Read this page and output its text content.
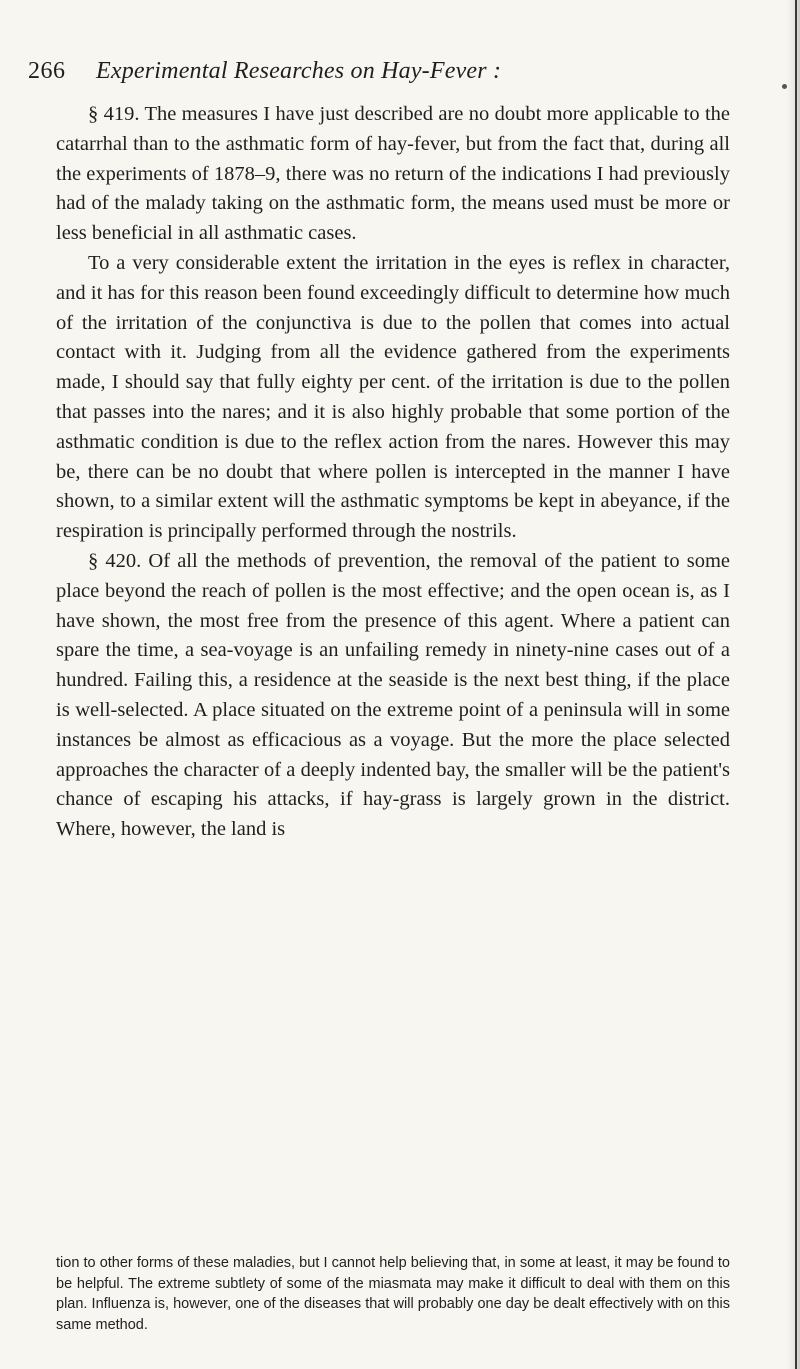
266 Experimental Researches on Hay-Fever :

§ 419. The measures I have just described are no doubt more applicable to the catarrhal than to the asthmatic form of hay-fever, but from the fact that, during all the experiments of 1878–9, there was no return of the indications I had previously had of the malady taking on the asthmatic form, the means used must be more or less beneficial in all asthmatic cases.

To a very considerable extent the irritation in the eyes is reflex in character, and it has for this reason been found exceedingly difficult to determine how much of the irritation of the conjunctiva is due to the pollen that comes into actual contact with it. Judging from all the evidence gathered from the experiments made, I should say that fully eighty per cent. of the irritation is due to the pollen that passes into the nares; and it is also highly probable that some portion of the asthmatic condition is due to the reflex action from the nares. However this may be, there can be no doubt that where pollen is intercepted in the manner I have shown, to a similar extent will the asthmatic symptoms be kept in abeyance, if the respiration is principally performed through the nostrils.

§ 420. Of all the methods of prevention, the removal of the patient to some place beyond the reach of pollen is the most effective; and the open ocean is, as I have shown, the most free from the presence of this agent. Where a patient can spare the time, a sea-voyage is an unfailing remedy in ninety-nine cases out of a hundred. Failing this, a residence at the seaside is the next best thing, if the place is well-selected. A place situated on the extreme point of a peninsula will in some instances be almost as efficacious as a voyage. But the more the place selected approaches the character of a deeply indented bay, the smaller will be the patient's chance of escaping his attacks, if hay-grass is largely grown in the district. Where, however, the land is

tion to other forms of these maladies, but I cannot help believing that, in some at least, it may be found to be helpful. The extreme subtlety of some of the miasmata may make it difficult to deal with them on this plan. Influenza is, however, one of the diseases that will probably one day be dealt effectively with on this same method.
